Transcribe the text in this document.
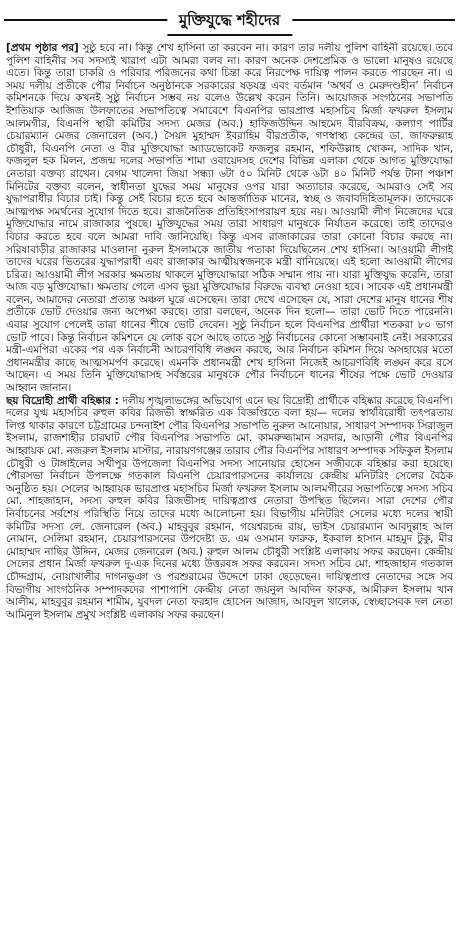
মুক্তিযুদ্ধে শহীদের

[প্রথম পৃষ্ঠার পর] সুষ্ঠু হবে না। কিন্তু শেখ হাসিনা তা করবেন না। কারণ তার দলীয় পুলিশ বাহিনী রয়েছে। তবে পুলিশ বাহিনীর সব সদস্যই খারাপ এটা আমরা বলব না। কারণ অনেক দেশপ্রেমিক ও ভালো মানুষও রয়েছে এতে। কিন্তু তারা চাকরি ও পরিবার পরিজনের কথা চিন্তা করে নিরপেক্ষ দায়িত্ব পালন করতে পারছেন না। এ সময় দলীয় প্রতীকে পৌর নির্বাচন অনুষ্ঠানকে সরকারের ষড়যন্ত্র এবং বর্তমান ‘অথর্ব ও মেরুদণ্ডহীন’ নির্বাচন কমিশনকে দিয়ে কখনই সুষ্ঠু নির্বাচন সম্ভব নয় বলেও উল্লেখ করেন তিনি। আয়োজক সংগঠনের সভাপতি ইশতিয়াক আজিজ উলফাতের সভাপতিত্বে সমাবেশে বিএনপির ভারপ্রাপ্ত মহাসচিব মির্জা ফখরুল ইসলাম আলমগীর, বিএনপি স্থায়ী কমিটির সদস্য মেজর (অব.) হাফিজউদ্দিন আহমেদ বীরবিক্রম, কল্যাণ পার্টির চেয়ারম্যান মেজর জেনারেল (অব.) সৈয়দ মুহাম্মদ ইবরাহিম বীরপ্রতীক, গণস্বাস্থ্য কেন্দ্রের ডা. জাফরুল্লাহ চৌধুরী, বিএনপি নেতা ও বীর মুক্তিযোদ্ধা অ্যাডভোকেট ফজলুর রহমান, শফিউল্লাহ খোকন, সাদিক খান, ফজলুল হক মিলন, প্রজন্ম দলের সভাপতি শামা ওবায়েদসহ দেশের বিভিন্ন এলাকা থেকে আগত মুক্তিযোদ্ধা নেতারা বক্তব্য রাখেন। বেগম খালেদা জিয়া সন্ধ্যা ৬টা ৫০ মিনিট থেকে ৬টা ৪০ মিনিট পর্যন্ত টানা পঞ্চাশ মিনিটের বক্তব্য বলেন, স্বাধীনতা যুদ্ধের সময় মানুষের ওপর যারা অত্যাচার করেছে, আমরাও সেই সব যুদ্ধাপরাধীর বিচার চাই। কিন্তু সেই বিচার হতে হবে আন্তর্জাতিক মানের, স্বচ্ছ ও জবাবদিহিতামূলক। তাদেরকে আত্মপক্ষ সমর্থনের সুযোগ দিতে হবে। রাজনৈতিক প্রতিহিংসাপরায়ণ হয়ে নয়। আওয়ামী লীগ নিজেদের ঘরে মুক্তিযোদ্ধার নামে রাজাকার পুষছে। মুক্তিযুদ্ধের সময় তারা সাধারণ মানুষকে নির্যাতন করেছে। তাই তাদেরও বিচার করতে হবে বলে আমরা দাবি জানিয়েছি। কিন্তু এসব রাজাকারের তারা কোনো বিচার করছে না। সরিষাবাড়ীর রাজাকার মাওলানা নুরুল ইসলামকে জাতীয় পতাকা দিয়েছিলেন শেখ হাসিনা। আওয়ামী লীগই তাদের ঘরের ভিতরের যুদ্ধাপরাধী এবং রাজাকার আত্মীয়স্বজনকে মন্ত্রী বানিয়েছে। এই হলো আওয়ামী লীগের চরিত্র। আওয়ামী লীগ সরকার ক্ষমতায় থাকলে মুক্তিযোদ্ধারা সঠিক সম্মান পায় না। যারা মুক্তিযুদ্ধ করেনি, তারা আজ বড় মুক্তিযোদ্ধা। ক্ষমতায় গেলে এসব ভুয়া মুক্তিযোদ্ধার বিরুদ্ধে ব্যবস্থা নেওয়া হবে। সাবেক এই প্রধানমন্ত্রী বলেন, আমাদের নেতারা প্রত্যন্ত অঞ্চল ঘুরে এসেছেন। তারা দেখে এসেছেন যে, সারা দেশের মানুষ ধানের শীষ প্রতীকে ভোট দেওয়ার জন্য অপেক্ষা করছে। তারা বলছেন, অনেক দিন হলো— তারা ভোট দিতে পারেননি। এবার সুযোগ পেলেই তারা ধানের শীষে ভোট দেবেন। সুষ্ঠু নির্বাচন হলে বিএনপির প্রার্থীরা শতকরা ৮০ ভাগ ভোট পাবে। কিন্তু নির্বাচন কমিশনে যে লোক বসে আছে তাতে সুষ্ঠু নির্বাচনের কোনো সম্ভাবনাই নেই। সরকারের মন্ত্রী-এমপিরা একের পর এক নির্বাচনী আচরণবিধি লঙ্ঘন করছে, আর নির্বাচন কমিশন দিয়ে অসহায়ের মতো প্রধানমন্ত্রীর কাছে আত্মসমর্পণ করেছে। এমনকি প্রধানমন্ত্রী শেখ হাসিনা নিজেই আচরণবিধি লঙ্ঘন করে বসে আছেন। এ সময় তিনি মুক্তিযোদ্ধাসহ সর্বস্তরের মানুষকে পৌর নির্বাচনে ধানের শীষের পক্ষে ভোট দেওয়ার আহ্বান জানান।

ছয় বিদ্রোহী প্রার্থী বহিষ্কার : দলীয় শৃঙ্খলাভঙ্গের অভিযোগ এনে ছয় বিদ্রোহী প্রার্থীকে বহিষ্কার করেছে বিএনপি। দলের যুগ্ম মহাসচিব রুহুল কবির রিজভী স্বাক্ষরিত এক বিজ্ঞপ্তিতে বলা হয়— দলের স্বার্থবিরোধী তৎপরতায় লিপ্ত থাকার কারণে চট্টগ্রামের চন্দনাইশ পৌর বিএনপির সভাপতি নুরুল আনোয়ার, সাধারণ সম্পাদক সিরাজুল ইসলাম, রাজশাহীর চারঘাট পৌর বিএনপির সভাপতি মো. কামরুজ্জামান সরদার, আড়ানী পৌর বিএনপির আহ্বায়ক মো. নজরুল ইসলাম মাস্টার, নারায়ণগঞ্জের তারাব পৌর বিএনপির সাধারণ সম্পাদক সফিকুল ইসলাম চৌধুরী ও টাঙ্গাইলের সখীপুর উপজেলা বিএনপির সদস্য সানোয়ার হোসেন সজীবকে বহিষ্কার করা হয়েছে। পৌরসভা নির্বাচন উপলক্ষে গতকাল বিএনপি চেয়ারপারসনের কার্যালয়ে কেন্দ্রীয় মনিটরিং সেলের বৈঠক অনুষ্ঠিত হয়। সেলের আহ্বায়ক ভারপ্রাপ্ত মহাসচিব মির্জা ফখরুল ইসলাম আলমগীরের সভাপতিত্বে সদস্য সচিব মো. শাহজাহান, সদস্য রুহুল কবির রিজভীসহ দায়িত্বপ্রাপ্ত নেতারা উপস্থিত ছিলেন। সারা দেশের পৌর নির্বাচনের সর্বশেষ পরিস্থিতি নিয়ে তাদের মধ্যে আলোচনা হয়। বিভাগীয় মনিটরিং সেলের মধ্যে দলের স্থায়ী কমিটির সদস্য লে. জেনারেল (অব.) মাহবুবুর রহমান, গয়েশ্বরচন্দ্র রায়, ভাইস চেয়ারম্যান আবদুল্লাহ আল নোমান, সেলিমা রহমান, চেয়ারপারসনের উপদেষ্টা ড. এম ওসমান ফারুক, ইকবাল হাসান মাহমুদ টুকু, মীর মোহাম্মদ নাছির উদ্দিন, মেজর জেনারেল (অব.) রুহুল আলম চৌধুরী সংশ্লিষ্ট এলাকায় সফর করছেন। কেন্দ্রীয় সেলের প্রধান মির্জা ফখরুল দু-এক দিনের মধ্যে উত্তরবঙ্গ সফর করবেন। সদস্য সচিব মো. শাহজাহান গতকাল চৌদ্দগ্রাম, নোয়াখালীর দাগনভূঞা ও পরশুরামের উদ্দেশে ঢাকা ছেড়েছেন। দায়িত্বপ্রাপ্ত নেতাদের সঙ্গে সব বিভাগীয় সাংগঠনিক সম্পাদকদের পাশাপাশি কেন্দ্রীয় নেতা জয়নুল আবদিন ফারুক, আমীরুল ইসলাম খান আলীম, মাহবুবুর রহমান শামীম, যুবদল নেতা ফরহাদ হোসেন আজাদ, আবদুল খালেক, স্বেচ্ছাসেবক দল নেতা আমিনুল ইসলাম প্রমুখ সংশ্লিষ্ট এলাকায় সফর করছেন।
